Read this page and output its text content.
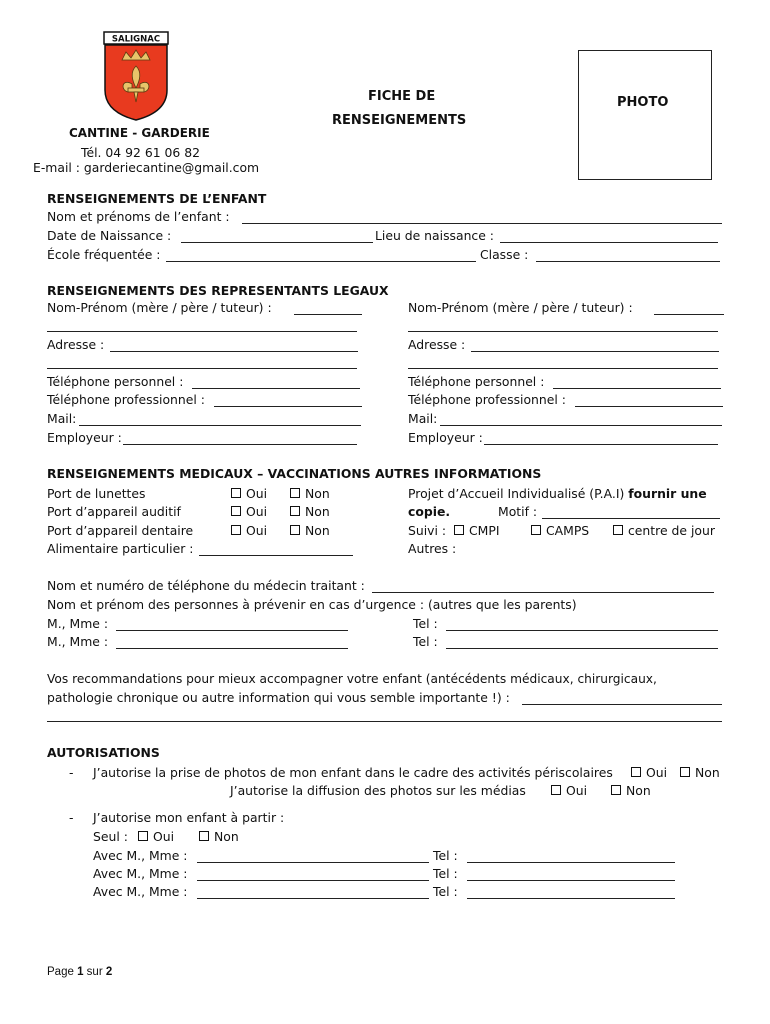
SALIGNAC
CANTINE - GARDERIE
Tél. 04 92 61 06 82
E-mail : garderiecantine@gmail.com
FICHE DE
RENSEIGNEMENTS
PHOTO
RENSEIGNEMENTS DE L’ENFANT
Nom et prénoms de l’enfant :
Date de Naissance :	Lieu de naissance :
École fréquentée :	Classe :
RENSEIGNEMENTS DES REPRESENTANTS LEGAUX
Nom-Prénom (mère / père / tuteur) :
Adresse :
Téléphone personnel :
Téléphone professionnel :
Mail:
Employeur :
Nom-Prénom (mère / père / tuteur) :
Adresse :
Téléphone personnel :
Téléphone professionnel :
Mail:
Employeur :
RENSEIGNEMENTS MEDICAUX – VACCINATIONS AUTRES INFORMATIONS
Port de lunettes	Oui	Non
Port d’appareil auditif	Oui	Non
Port d’appareil dentaire	Oui	Non
Alimentaire particulier :
Projet d’Accueil Individualisé (P.A.I) fournir une
copie.	Motif :
Suivi :	CMPI	CAMPS	centre de jour
Autres :
Nom et numéro de téléphone du médecin traitant :
Nom et prénom des personnes à prévenir en cas d’urgence : (autres que les parents)
M., Mme :	Tel :
M., Mme :	Tel :
Vos recommandations pour mieux accompagner votre enfant (antécédents médicaux, chirurgicaux,
pathologie chronique ou autre information qui vous semble importante !) :
AUTORISATIONS
- J’autorise la prise de photos de mon enfant dans le cadre des activités périscolaires	Oui	Non
J’autorise la diffusion des photos sur les médias	Oui	Non
- J’autorise mon enfant à partir :
Seul :	Oui	Non
Avec M., Mme :	Tel :
Avec M., Mme :	Tel :
Avec M., Mme :	Tel :
Page 1 sur 2
